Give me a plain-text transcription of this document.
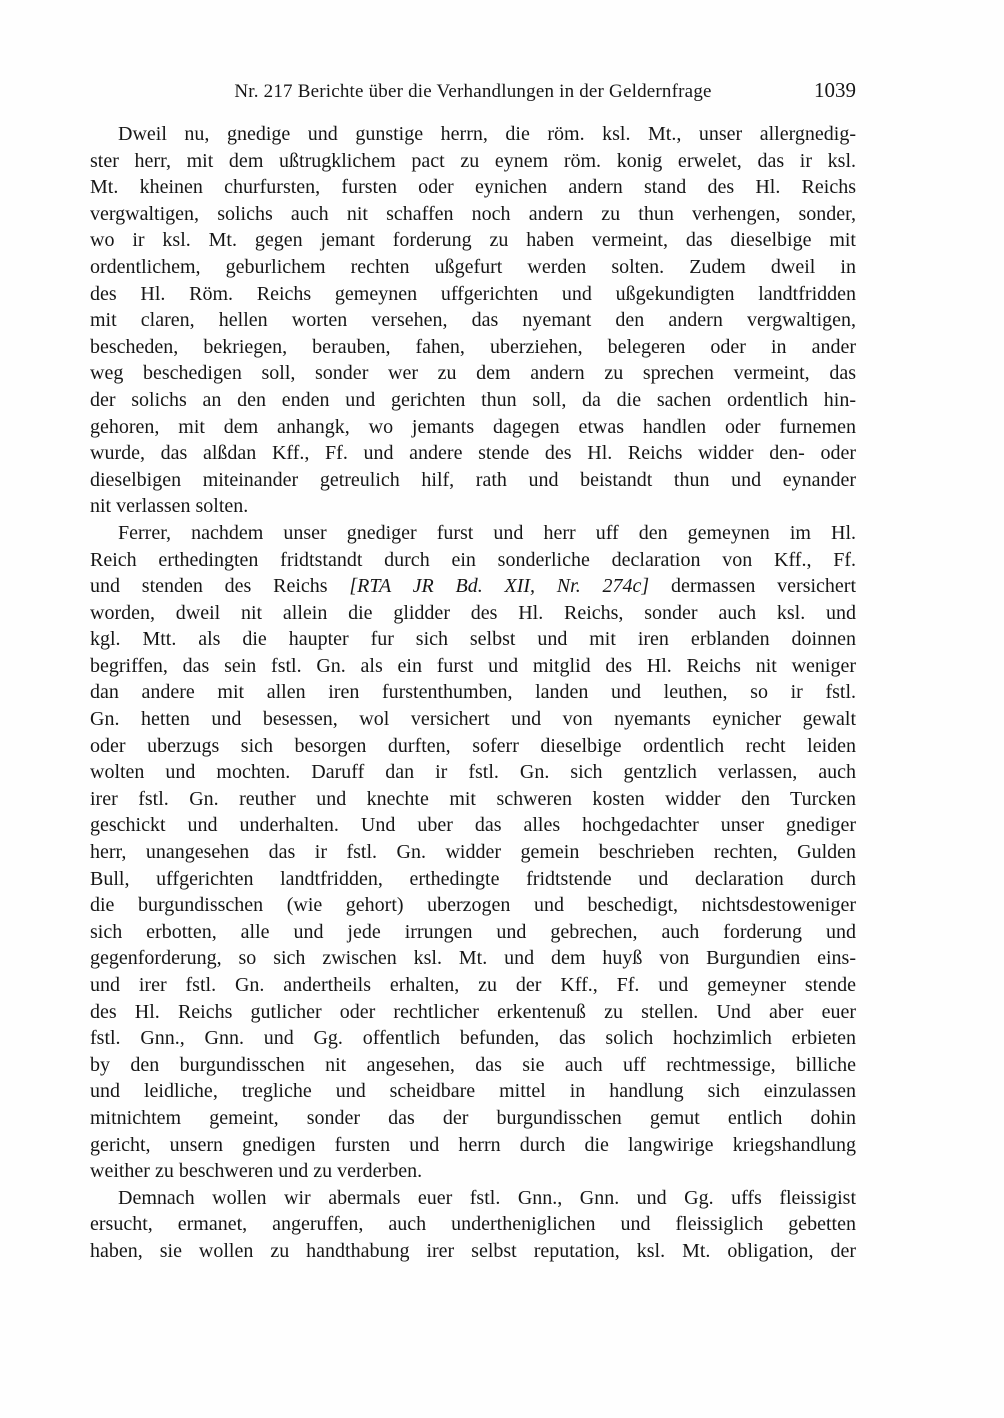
Nr. 217 Berichte über die Verhandlungen in der Geldernfrage	1039
Dweil nu, gnedige und gunstige herrn, die röm. ksl. Mt., unser allergnedig-
ster herr, mit dem ußtrugklichem pact zu eynem röm. konig erwelet, das ir ksl.
Mt. kheinen churfursten, fursten oder eynichen andern stand des Hl. Reichs
vergwaltigen, solichs auch nit schaffen noch andern zu thun verhengen, sonder,
wo ir ksl. Mt. gegen jemant forderung zu haben vermeint, das dieselbige mit
ordentlichem, geburlichem rechten ußgefurt werden solten. Zudem dweil in
des Hl. Röm. Reichs gemeynen uffgerichten und ußgekundigten landtfridden
mit claren, hellen worten versehen, das nyemant den andern vergwaltigen,
bescheden, bekriegen, berauben, fahen, uberziehen, belegeren oder in ander
weg beschedigen soll, sonder wer zu dem andern zu sprechen vermeint, das
der solichs an den enden und gerichten thun soll, da die sachen ordentlich hin-
gehoren, mit dem anhangk, wo jemants dagegen etwas handlen oder furnemen
wurde, das alßdan Kff., Ff. und andere stende des Hl. Reichs widder den- oder
dieselbigen miteinander getreulich hilf, rath und beistandt thun und eynander
nit verlassen solten.
Ferrer, nachdem unser gnediger furst und herr uff den gemeynen im Hl.
Reich erthedingten fridtstandt durch ein sonderliche declaration von Kff., Ff.
und stenden des Reichs [RTA JR Bd. XII, Nr. 274c] dermassen versichert
worden, dweil nit allein die glidder des Hl. Reichs, sonder auch ksl. und
kgl. Mtt. als die haupter fur sich selbst und mit iren erblanden doinnen
begriffen, das sein fstl. Gn. als ein furst und mitglid des Hl. Reichs nit weniger
dan andere mit allen iren furstenthumben, landen und leuthen, so ir fstl.
Gn. hetten und besessen, wol versichert und von nyemants eynicher gewalt
oder uberzugs sich besorgen durften, soferr dieselbige ordentlich recht leiden
wolten und mochten. Daruff dan ir fstl. Gn. sich gentzlich verlassen, auch
irer fstl. Gn. reuther und knechte mit schweren kosten widder den Turcken
geschickt und underhalten. Und uber das alles hochgedachter unser gnediger
herr, unangesehen das ir fstl. Gn. widder gemein beschrieben rechten, Gulden
Bull, uffgerichten landtfridden, erthedingte fridtstende und declaration durch
die burgundisschen (wie gehort) uberzogen und beschedigt, nichtsdestoweniger
sich erbotten, alle und jede irrungen und gebrechen, auch forderung und
gegenforderung, so sich zwischen ksl. Mt. und dem huyß von Burgundien eins-
und irer fstl. Gn. andertheils erhalten, zu der Kff., Ff. und gemeyner stende
des Hl. Reichs gutlicher oder rechtlicher erkentenuß zu stellen. Und aber euer
fstl. Gnn., Gnn. und Gg. offentlich befunden, das solich hochzimlich erbieten
by den burgundisschen nit angesehen, das sie auch uff rechtmessige, billiche
und leidliche, tregliche und scheidbare mittel in handlung sich einzulassen
mitnichtem gemeint, sonder das der burgundisschen gemut entlich dohin
gericht, unsern gnedigen fursten und herrn durch die langwirige kriegshandlung
weither zu beschweren und zu verderben.
Demnach wollen wir abermals euer fstl. Gnn., Gnn. und Gg. uffs fleissigist
ersucht, ermanet, angeruffen, auch undertheniglichen und fleissiglich gebetten
haben, sie wollen zu handthabung irer selbst reputation, ksl. Mt. obligation, der
